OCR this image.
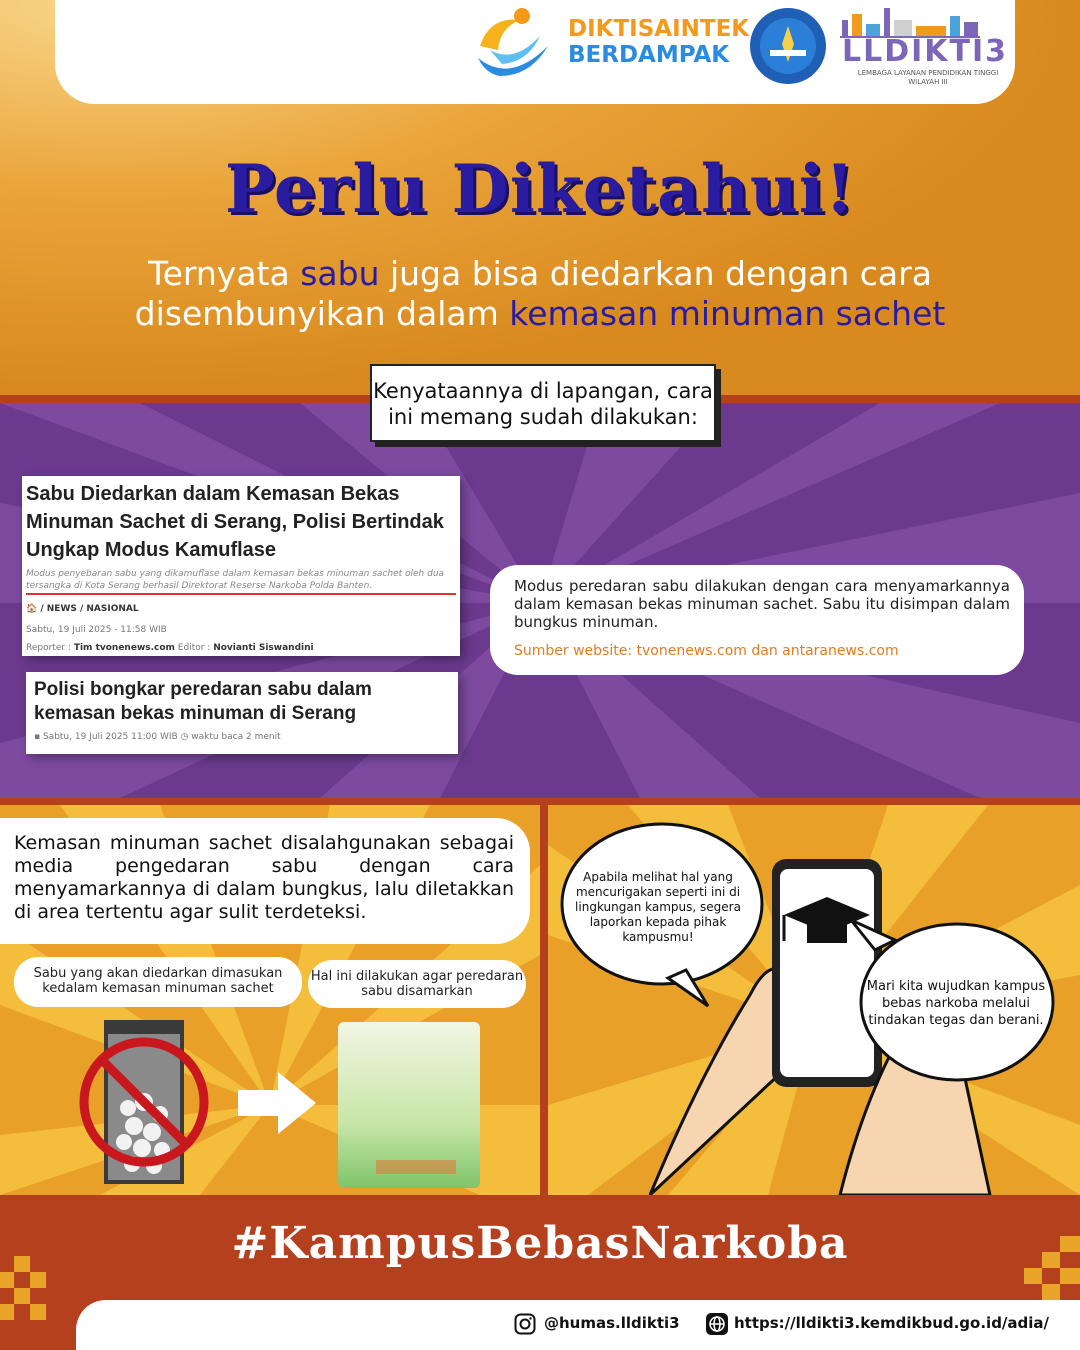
DIKTISAINTEK
BERDAMPAK	LLDIKTI3
LEMBAGA LAYANAN PENDIDIKAN TINGGI WILAYAH III
Perlu Diketahui!
Ternyata sabu juga bisa diedarkan dengan cara disembunyikan dalam kemasan minuman sachet
Kenyataannya di lapangan, cara ini memang sudah dilakukan:
Sabu Diedarkan dalam Kemasan Bekas Minuman Sachet di Serang, Polisi Bertindak Ungkap Modus Kamuflase
Modus penyebaran sabu yang dikamuflase dalam kemasan bekas minuman sachet oleh dua tersangka di Kota Serang berhasil Direktorat Reserse Narkoba Polda Banten.
🏠 / NEWS / NASIONAL
Sabtu, 19 Juli 2025 - 11:58 WIB
Reporter : Tim tvonenews.com Editor : Novianti Siswandini
Polisi bongkar peredaran sabu dalam kemasan bekas minuman di Serang
▪ Sabtu, 19 Juli 2025 11:00 WIB ◷ waktu baca 2 menit
Modus peredaran sabu dilakukan dengan cara menyamarkannya dalam kemasan bekas minuman sachet. Sabu itu disimpan dalam bungkus minuman.
Sumber website: tvonenews.com dan antaranews.com
Kemasan minuman sachet disalahgunakan sebagai media pengedaran sabu dengan cara menyamarkannya di dalam bungkus, lalu diletakkan di area tertentu agar sulit terdeteksi.
Sabu yang akan diedarkan dimasukan kedalam kemasan minuman sachet
Hal ini dilakukan agar peredaran sabu disamarkan
Apabila melihat hal yang mencurigakan seperti ini di lingkungan kampus, segera laporkan kepada pihak kampusmu!
Mari kita wujudkan kampus bebas narkoba melalui tindakan tegas dan berani.
#KampusBebasNarkoba
@humas.lldikti3	https://lldikti3.kemdikbud.go.id/adia/
